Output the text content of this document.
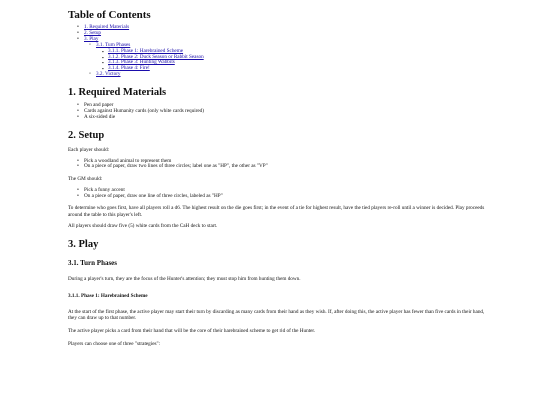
Table of Contents
• 1. Required Materials
• 2. Setup
• 3. Play
◦ 3.1. Turn Phases
▪ 3.1.1. Phase 1: Harebrained Scheme
▪ 3.1.2. Phase 2: Duck Season or Rabbit Season
▪ 3.1.3. Phase 3: Hunting Wabbits
▪ 3.1.4. Phase 4: Fire!
◦ 3.2. Victory
1. Required Materials
• Pen and paper
• Cards against Humanity cards (only white cards required)
• A six-sided die
2. Setup

Each player should:

• Pick a woodland animal to represent them
• On a piece of paper, draw two lines of three circles; label one as "HP", the other as "VP"

The GM should:

• Pick a funny accent
• On a piece of paper, draw one line of three circles, labeled as "HP"

To determine who goes first, have all players roll a d6. The highest result on the die goes first; in the event of a tie for highest result, have the tied players re-roll until a winner is decided. Play proceeds around the table to this player's left.

All players should draw five (5) white cards from the CaH deck to start.

3. Play
3.1. Turn Phases

During a player's turn, they are the focus of the Hunter's attention; they must stop him from hunting them down.

3.1.1. Phase 1: Harebrained Scheme

At the start of the first phase, the active player may start their turn by discarding as many cards from their hand as they wish. If, after doing this, the active player has fewer than five cards in their hand, they can draw up to that number.

The active player picks a card from their hand that will be the core of their harebrained scheme to get rid of the Hunter.

Players can choose one of three "strategies":
